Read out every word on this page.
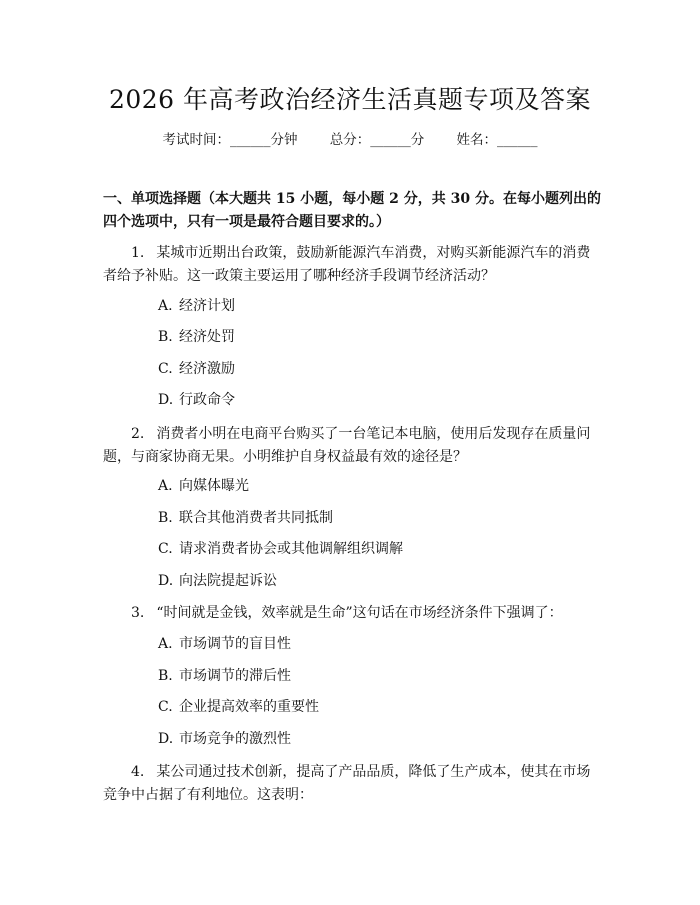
2026 年高考政治经济生活真题专项及答案
考试时间：______分钟 总分：______分 姓名：______
一、单项选择题（本大题共 15 小题，每小题 2 分，共 30 分。在每小题列出的四个选项中，只有一项是最符合题目要求的。）
1. 某城市近期出台政策，鼓励新能源汽车消费，对购买新能源汽车的消费者给予补贴。这一政策主要运用了哪种经济手段调节经济活动？
A. 经济计划
B. 经济处罚
C. 经济激励
D. 行政命令
2. 消费者小明在电商平台购买了一台笔记本电脑，使用后发现存在质量问题，与商家协商无果。小明维护自身权益最有效的途径是？
A. 向媒体曝光
B. 联合其他消费者共同抵制
C. 请求消费者协会或其他调解组织调解
D. 向法院提起诉讼
3. “时间就是金钱，效率就是生命”这句话在市场经济条件下强调了：
A. 市场调节的盲目性
B. 市场调节的滞后性
C. 企业提高效率的重要性
D. 市场竞争的激烈性
4. 某公司通过技术创新，提高了产品品质，降低了生产成本，使其在市场竞争中占据了有利地位。这表明：
